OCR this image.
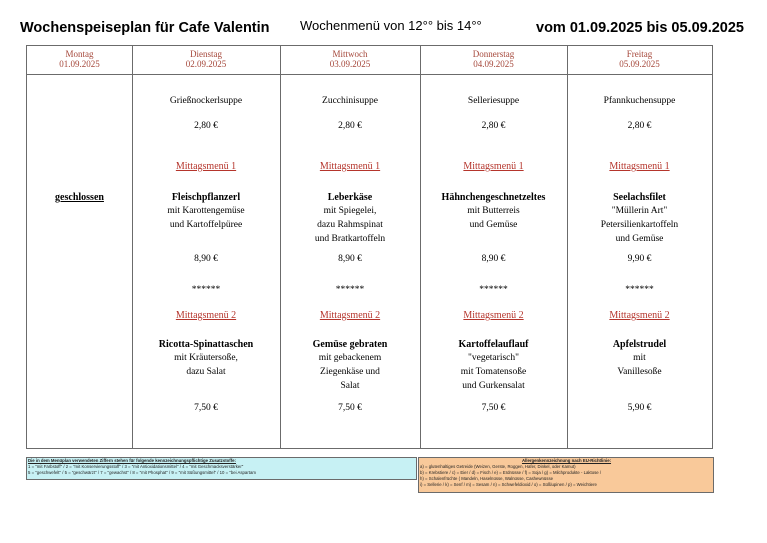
Wochenspeiseplan für Cafe Valentin Wochenmenü von 12°° bis 14°°	vom 01.09.2025 bis 05.09.2025
Montag
01.09.2025
geschlossen
Dienstag
02.09.2025
Grießnockerlsuppe
2,80 €
Mittagsmenü 1
Fleischpflanzerl
mit Karottengemüse
und Kartoffelpüree
8,90 €
******
Mittagsmenü 2
Ricotta-Spinattaschen
mit Kräutersoße,
dazu Salat
7,50 €
Mittwoch
03.09.2025
Zucchinisuppe
2,80 €
Mittagsmenü 1
Leberkäse
mit Spiegelei,
dazu Rahmspinat
und Bratkartoffeln
8,90 €
******
Mittagsmenü 2
Gemüse gebraten
mit gebackenem
Ziegenkäse und
Salat
7,50 €
Donnerstag
04.09.2025
Selleriesuppe
2,80 €
Mittagsmenü 1
Hähnchengeschnetzeltes
mit Butterreis
und Gemüse
8,90 €
******
Mittagsmenü 2
Kartoffelauflauf
"vegetarisch"
mit Tomatensoße
und Gurkensalat
7,50 €
Freitag
05.09.2025
Pfannkuchensuppe
2,80 €
Mittagsmenü 1
Seelachsfilet
"Müllerin Art"
Petersilienkartoffeln
und Gemüse
9,90 €
******
Mittagsmenü 2
Apfelstrudel
mit
Vanillesoße
5,90 €
Die in dem Menüplan verwendeten Ziffern stehen für folgende kennzeichnungspflichtige Zusatzstoffe:
1 = "mit Farbstoff" / 2 = "mit Konservierungsstoff" / 3 = "mit Antioxidationsmittel" / 4 = "mit Geschmacksverstärker"
5 = "geschwefelt" / 5 = "geschwärzt" / 7 = "gewachst" / 8 = "mit Phosphat" / 9 = "mit Süßungsmittel" / 10 = "bei Aspartam
Allergenkennzeichnung nach EU-Richtlinie:
a) = glutenhaltiges Getreide (Weizen, Gerste, Roggen, Hafer, Dinkel, oder Kamut)
b) = Krebstiere / c) = Eier / d) = Fisch / e) = Erdnüsse / f) = Soja / g) = Milchprodukte - Laktose /
h) = Schalenfrüchte ( Mandeln, Haselnüsse, Walnüsse, Cashewnüsse
i) = Sellerie / k) = Senf / m) = Sesam / n) = Schwefeldioxid / o) = Süßlupinen / p) = Weichtiere
